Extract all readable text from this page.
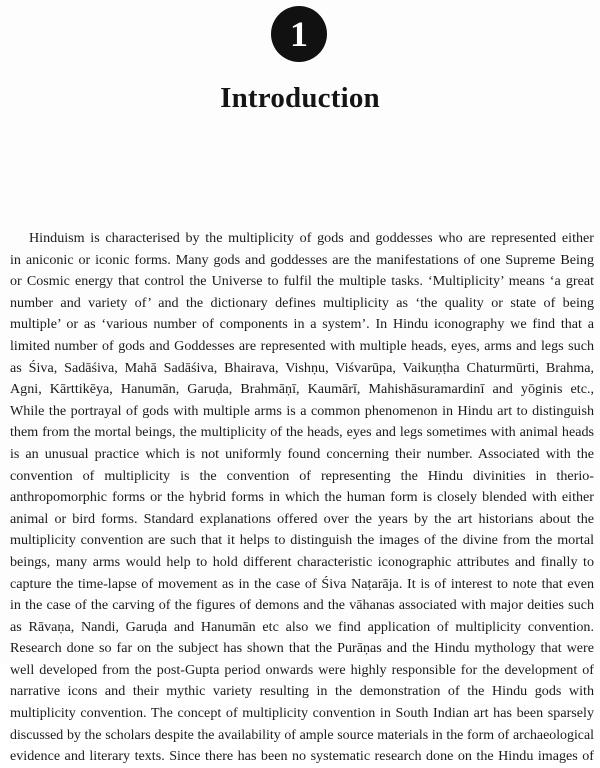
1
Introduction
Hinduism is characterised by the multiplicity of gods and goddesses who are represented either
in aniconic or iconic forms. Many gods and goddesses are the manifestations of one Supreme Being
or Cosmic energy that control the Universe to fulfil the multiple tasks. ‘Multiplicity’ means ‘a great
number and variety of’ and the dictionary defines multiplicity as ‘the quality or state of being
multiple’ or as ‘various number of components in a system’. In Hindu iconography we find that a
limited number of gods and Goddesses are represented with multiple heads, eyes, arms and legs such
as Śiva, Sadāśiva, Mahā Sadāśiva, Bhairava, Vishṇu, Viśvarūpa, Vaikuṇṭha Chaturmūrti, Brahma,
Agni, Kārttikēya, Hanumān, Garuḍa, Brahmāṇī, Kaumārī, Mahishāsuramardinī and yōginis etc.,
While the portrayal of gods with multiple arms is a common phenomenon in Hindu art to distinguish
them from the mortal beings, the multiplicity of the heads, eyes and legs sometimes with animal heads
is an unusual practice which is not uniformly found concerning their number. Associated with the
convention of multiplicity is the convention of representing the Hindu divinities in therio-
anthropomorphic forms or the hybrid forms in which the human form is closely blended with either
animal or bird forms. Standard explanations offered over the years by the art historians about the
multiplicity convention are such that it helps to distinguish the images of the divine from the mortal
beings, many arms would help to hold different characteristic iconographic attributes and finally to
capture the time-lapse of movement as in the case of Śiva Naṭarāja. It is of interest to note that even
in the case of the carving of the figures of demons and the vāhanas associated with major deities such
as Rāvaṇa, Nandi, Garuḍa and Hanumān etc also we find application of multiplicity convention.
Research done so far on the subject has shown that the Purāṇas and the Hindu mythology that were
well developed from the post-Gupta period onwards were highly responsible for the development of
narrative icons and their mythic variety resulting in the demonstration of the Hindu gods with
multiplicity convention. The concept of multiplicity convention in South Indian art has been sparsely
discussed by the scholars despite the availability of ample source materials in the form of archaeological
evidence and literary texts. Since there has been no systematic research done on the Hindu images of
